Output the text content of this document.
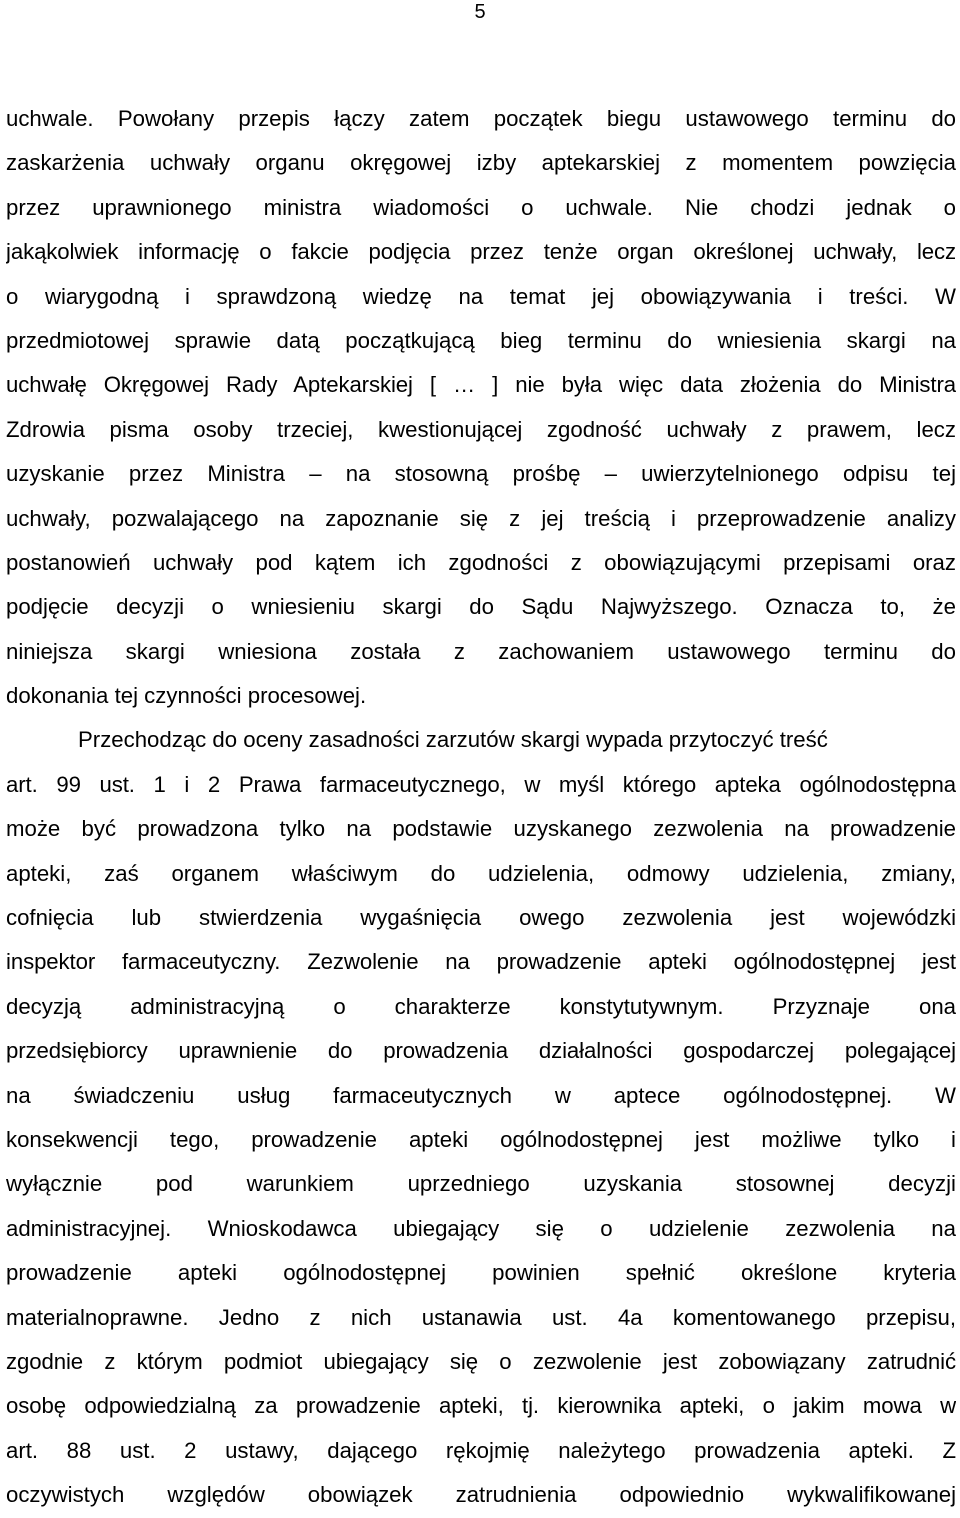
5
uchwale. Powołany przepis łączy zatem początek biegu ustawowego terminu do
zaskarżenia uchwały organu okręgowej izby aptekarskiej z momentem powzięcia
przez uprawnionego ministra wiadomości o uchwale. Nie chodzi jednak o
jakąkolwiek informację o fakcie podjęcia przez tenże organ określonej uchwały, lecz
o wiarygodną i sprawdzoną wiedzę na temat jej obowiązywania i treści. W
przedmiotowej sprawie datą początkującą bieg terminu do wniesienia skargi na
uchwałę Okręgowej Rady Aptekarskiej [ … ] nie była więc data złożenia do Ministra
Zdrowia pisma osoby trzeciej, kwestionującej zgodność uchwały z prawem, lecz
uzyskanie przez Ministra – na stosowną prośbę – uwierzytelnionego odpisu tej
uchwały, pozwalającego na zapoznanie się z jej treścią i przeprowadzenie analizy
postanowień uchwały pod kątem ich zgodności z obowiązującymi przepisami oraz
podjęcie decyzji o wniesieniu skargi do Sądu Najwyższego. Oznacza to, że
niniejsza skargi wniesiona została z zachowaniem ustawowego terminu do
dokonania tej czynności procesowej.
Przechodząc do oceny zasadności zarzutów skargi wypada przytoczyć treść
art. 99 ust. 1 i 2 Prawa farmaceutycznego, w myśl którego apteka ogólnodostępna
może być prowadzona tylko na podstawie uzyskanego zezwolenia na prowadzenie
apteki, zaś organem właściwym do udzielenia, odmowy udzielenia, zmiany,
cofnięcia lub stwierdzenia wygaśnięcia owego zezwolenia jest wojewódzki
inspektor farmaceutyczny. Zezwolenie na prowadzenie apteki ogólnodostępnej jest
decyzją administracyjną o charakterze konstytutywnym. Przyznaje ona
przedsiębiorcy uprawnienie do prowadzenia działalności gospodarczej polegającej
na świadczeniu usług farmaceutycznych w aptece ogólnodostępnej. W
konsekwencji tego, prowadzenie apteki ogólnodostępnej jest możliwe tylko i
wyłącznie pod warunkiem uprzedniego uzyskania stosownej decyzji
administracyjnej. Wnioskodawca ubiegający się o udzielenie zezwolenia na
prowadzenie apteki ogólnodostępnej powinien spełnić określone kryteria
materialnoprawne. Jedno z nich ustanawia ust. 4a komentowanego przepisu,
zgodnie z którym podmiot ubiegający się o zezwolenie jest zobowiązany zatrudnić
osobę odpowiedzialną za prowadzenie apteki, tj. kierownika apteki, o jakim mowa w
art. 88 ust. 2 ustawy, dającego rękojmię należytego prowadzenia apteki. Z
oczywistych względów obowiązek zatrudnienia odpowiednio wykwalifikowanej
